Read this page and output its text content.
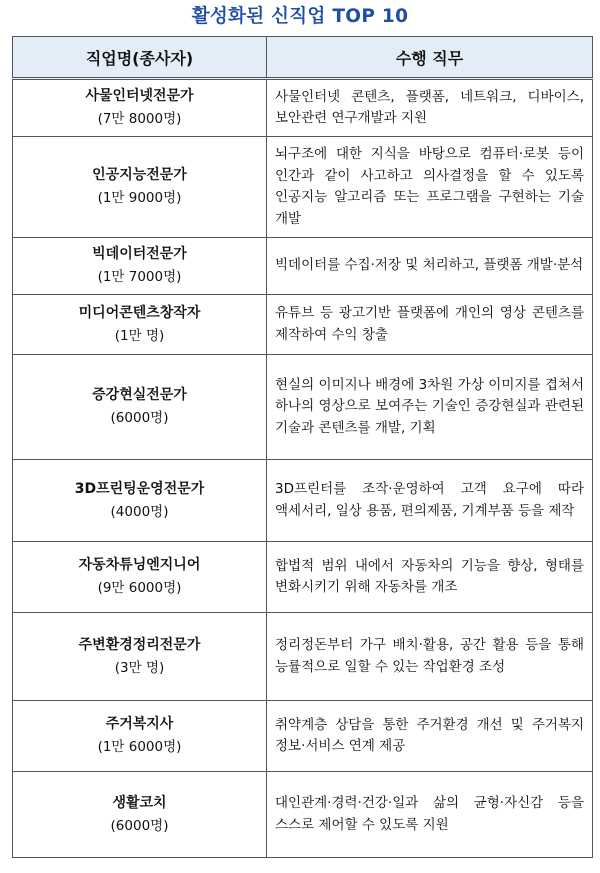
활성화된 신직업 TOP 10
직업명(종사자)	수행 직무

사물인터넷전문가
(7만 8000명)	사물인터넷 콘텐츠, 플랫폼, 네트워크, 디바이스, 보안관련 연구개발과 지원

인공지능전문가
(1만 9000명)	뇌구조에 대한 지식을 바탕으로 컴퓨터·로봇 등이 인간과 같이 사고하고 의사결정을 할 수 있도록 인공지능 알고리즘 또는 프로그램을 구현하는 기술 개발

빅데이터전문가
(1만 7000명)	빅데이터를 수집·저장 및 처리하고, 플랫폼 개발·분석

미디어콘텐츠창작자
(1만 명)	유튜브 등 광고기반 플랫폼에 개인의 영상 콘텐츠를 제작하여 수익 창출

증강현실전문가
(6000명)	현실의 이미지나 배경에 3차원 가상 이미지를 겹쳐서 하나의 영상으로 보여주는 기술인 증강현실과 관련된 기술과 콘텐츠를 개발, 기획

3D프린팅운영전문가
(4000명)	3D프린터를 조작·운영하여 고객 요구에 따라 액세서리, 일상 용품, 편의제품, 기계부품 등을 제작

자동차튜닝엔지니어
(9만 6000명)	합법적 범위 내에서 자동차의 기능을 향상, 형태를 변화시키기 위해 자동차를 개조

주변환경정리전문가
(3만 명)	정리정돈부터 가구 배치·활용, 공간 활용 등을 통해 능률적으로 일할 수 있는 작업환경 조성

주거복지사
(1만 6000명)	취약계층 상담을 통한 주거환경 개선 및 주거복지 정보·서비스 연계 제공

생활코치
(6000명)	대인관계·경력·건강·일과 삶의 균형·자신감 등을 스스로 제어할 수 있도록 지원
